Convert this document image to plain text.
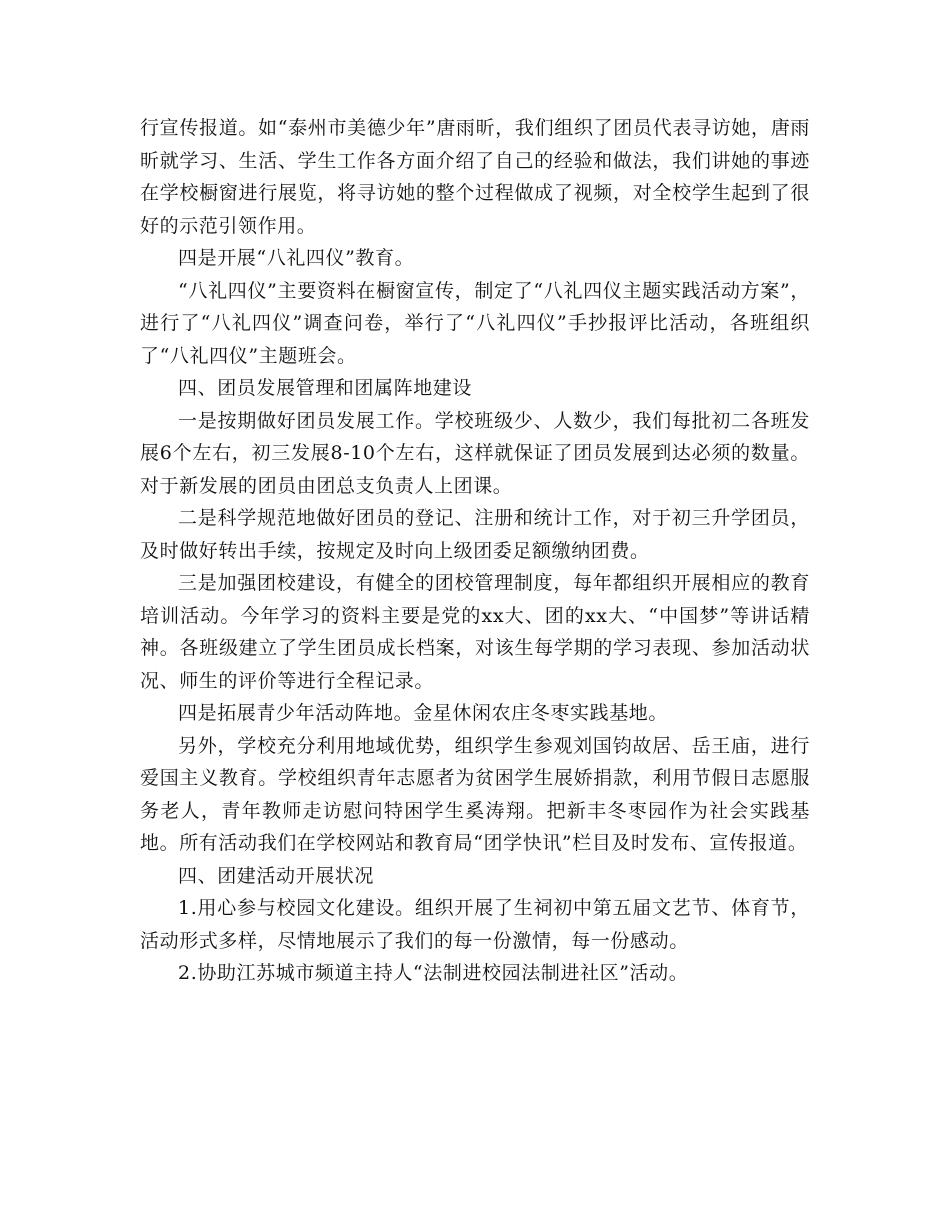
行宣传报道。如“泰州市美德少年”唐雨昕，我们组织了团员代表寻访她，唐雨昕就学习、生活、学生工作各方面介绍了自己的经验和做法，我们讲她的事迹在学校橱窗进行展览，将寻访她的整个过程做成了视频，对全校学生起到了很好的示范引领作用。

四是开展“八礼四仪”教育。

“八礼四仪”主要资料在橱窗宣传，制定了“八礼四仪主题实践活动方案”，进行了“八礼四仪”调查问卷，举行了“八礼四仪”手抄报评比活动，各班组织了“八礼四仪”主题班会。

四、团员发展管理和团属阵地建设

一是按期做好团员发展工作。学校班级少、人数少，我们每批初二各班发展6个左右，初三发展8-10个左右，这样就保证了团员发展到达必须的数量。对于新发展的团员由团总支负责人上团课。

二是科学规范地做好团员的登记、注册和统计工作，对于初三升学团员，及时做好转出手续，按规定及时向上级团委足额缴纳团费。

三是加强团校建设，有健全的团校管理制度，每年都组织开展相应的教育培训活动。今年学习的资料主要是党的xx大、团的xx大、“中国梦”等讲话精神。各班级建立了学生团员成长档案，对该生每学期的学习表现、参加活动状况、师生的评价等进行全程记录。

四是拓展青少年活动阵地。金星休闲农庄冬枣实践基地。

另外，学校充分利用地域优势，组织学生参观刘国钧故居、岳王庙，进行爱国主义教育。学校组织青年志愿者为贫困学生展娇捐款，利用节假日志愿服务老人，青年教师走访慰问特困学生奚涛翔。把新丰冬枣园作为社会实践基地。所有活动我们在学校网站和教育局“团学快讯”栏目及时发布、宣传报道。

四、团建活动开展状况

1.用心参与校园文化建设。组织开展了生祠初中第五届文艺节、体育节，活动形式多样，尽情地展示了我们的每一份激情，每一份感动。

2.协助江苏城市频道主持人“法制进校园法制进社区”活动。
